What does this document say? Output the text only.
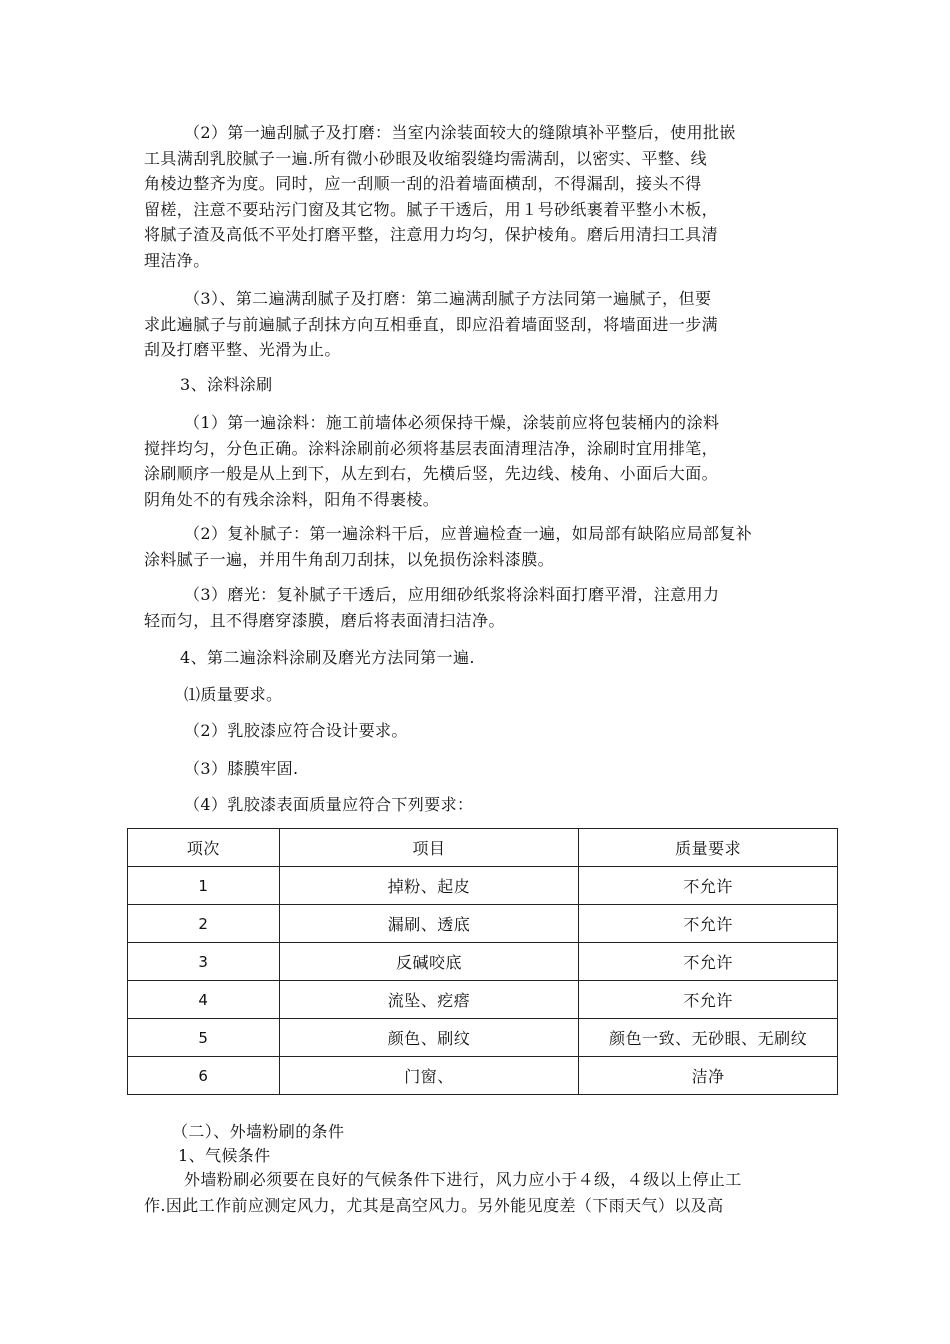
（2）第一遍刮腻子及打磨：当室内涂装面较大的缝隙填补平整后，使用批嵌
工具满刮乳胶腻子一遍.所有微小砂眼及收缩裂缝均需满刮，以密实、平整、线
角棱边整齐为度。同时，应一刮顺一刮的沿着墙面横刮，不得漏刮，接头不得
留槎，注意不要玷污门窗及其它物。腻子干透后，用１号砂纸裹着平整小木板，
将腻子渣及高低不平处打磨平整，注意用力均匀，保护棱角。磨后用清扫工具清
理洁净。

（3）、第二遍满刮腻子及打磨：第二遍满刮腻子方法同第一遍腻子，但要
求此遍腻子与前遍腻子刮抹方向互相垂直，即应沿着墙面竖刮，将墙面进一步满
刮及打磨平整、光滑为止。

3、涂料涂刷

（1）第一遍涂料：施工前墙体必须保持干燥，涂装前应将包装桶内的涂料
搅拌均匀，分色正确。涂料涂刷前必须将基层表面清理洁净，涂刷时宜用排笔，
涂刷顺序一般是从上到下，从左到右，先横后竖，先边线、棱角、小面后大面。
阴角处不的有残余涂料，阳角不得裹棱。

（2）复补腻子：第一遍涂料干后，应普遍检查一遍，如局部有缺陷应局部复补
涂料腻子一遍，并用牛角刮刀刮抹，以免损伤涂料漆膜。

（3）磨光：复补腻子干透后，应用细砂纸浆将涂料面打磨平滑，注意用力
轻而匀，且不得磨穿漆膜，磨后将表面清扫洁净。

4、第二遍涂料涂刷及磨光方法同第一遍.

⑴质量要求。

（2）乳胶漆应符合设计要求。

（3）膝膜牢固.

（4）乳胶漆表面质量应符合下列要求：

项次	项目	质量要求
1	掉粉、起皮	不允许
2	漏刷、透底	不允许
3	反碱咬底	不允许
4	流坠、疙瘩	不允许
5	颜色、刷纹	颜色一致、无砂眼、无刷纹
6	门窗、	洁净

（二）、外墙粉刷的条件

1、气候条件

外墙粉刷必须要在良好的气候条件下进行，风力应小于４级，４级以上停止工
作.因此工作前应测定风力，尤其是高空风力。另外能见度差（下雨天气）以及高
